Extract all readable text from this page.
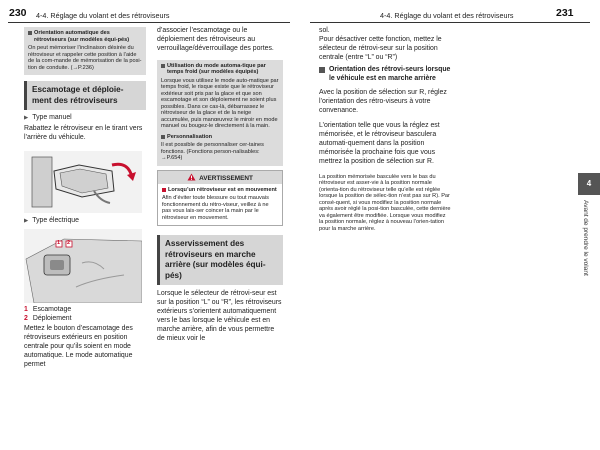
230 4-4. Réglage du volant et des rétroviseurs	4-4. Réglage du volant et des rétroviseurs	231
Orientation automatique des rétroviseurs (sur modèles équi-pés)
On peut mémoriser l’inclinaison désirée du rétroviseur et rappeler cette position à l’aide de la com-mande de mémorisation de la posi-tion de conduite. (→P.236)
Escamotage et déploie-ment des rétroviseurs
▶ Type manuel
Rabattez le rétroviseur en le tirant vers l’arrière du véhicule.
▶ Type électrique
1 2
1 Escamotage
2 Déploiement
Mettez le bouton d’escamotage des rétroviseurs extérieurs en position centrale pour qu’ils soient en mode automatique. Le mode automatique permet
d’associer l’escamotage ou le déploiement des rétroviseurs au verrouillage/déverrouillage des portes.
Utilisation du mode automa-tique par temps froid (sur modèles équipés)
Lorsque vous utilisez le mode auto-matique par temps froid, le risque existe que le rétroviseur extérieur soit pris par la glace et que son escamotage et son déploiement ne soient plus possibles. Dans ce cas-là, débarrassez le rétroviseur de la glace et de la neige accumulée, puis manœuvrez le miroir en mode manuel ou bougez-le directement à la main.
Personnalisation
Il est possible de personnaliser cer-taines fonctions. (Fonctions person-nalisables: →P.654)
AVERTISSEMENT
Lorsqu’un rétroviseur est en mouvement
Afin d’éviter toute blessure ou tout mauvais fonctionnement du rétro-viseur, veillez à ne pas vous lais-ser coincer la main par le rétroviseur en mouvement.
Asservissement des rétroviseurs en marche arrière (sur modèles équi-pés)
Lorsque le sélecteur de rétrovi-seur est sur la position “L” ou “R”, les rétroviseurs extérieurs s’orientent automatiquement vers le bas lorsque le véhicule est en marche arrière, afin de vous permettre de mieux voir le
sol.
Pour désactiver cette fonction, mettez le sélecteur de rétrovi-seur sur la position centrale (entre “L” ou “R”)
Orientation des rétrovi-seurs lorsque le véhicule est en marche arrière
Avec la position de sélection sur R, réglez l’orientation des rétro-viseurs à votre convenance.
L’orientation telle que vous la réglez est mémorisée, et le rétroviseur basculera automati-quement dans la position mémorisée la prochaine fois que vous mettrez la position de sélection sur R.
La position mémorisée basculée vers le bas du rétroviseur est asser-vie à la position normale (orienta-tion du rétroviseur telle qu’elle est réglée lorsque la position de sélec-tion n’est pas sur R). Par consé-quent, si vous modifiez la position normale après avoir réglé la posi-tion basculée, cette dernière va également être modifiée. Lorsque vous modifiez la position normale, réglez à nouveau l’orien-tation pour la marche arrière.
4
Avant de prendre le volant
